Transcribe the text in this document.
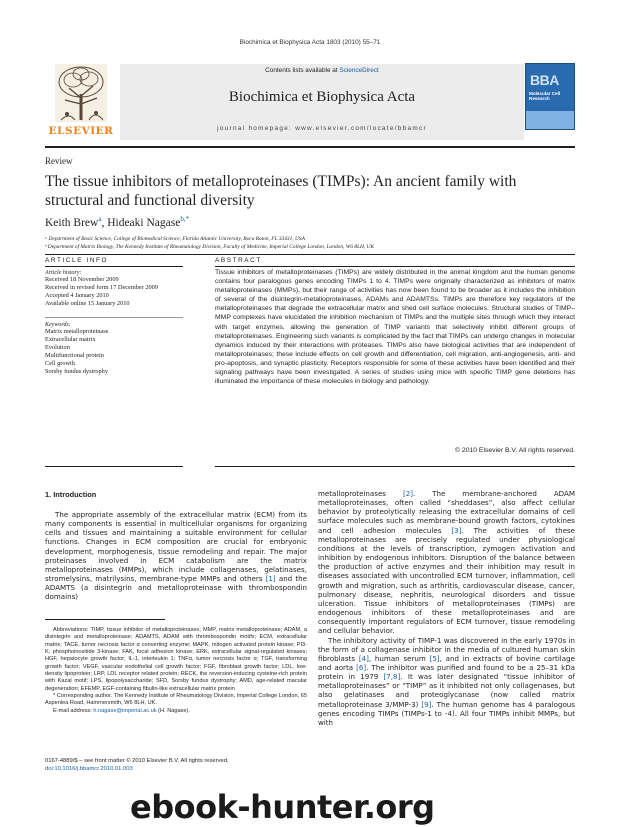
Biochimica et Biophysica Acta 1803 (2010) 55–71
ELSEVIER
Contents lists available at ScienceDirect
Biochimica et Biophysica Acta
journal homepage: www.elsevier.com/locate/bbamcr
BBA
Molecular Cell
Research
Review
The tissue inhibitors of metalloproteinases (TIMPs): An ancient family with
structural and functional diversity
Keith Brew$^a$, Hideaki Nagase$^{b,*}$
ᵃ Department of Basic Science, College of Biomedical Science, Florida Atlantic University, Boca Raton, FL 33431, USA
ᵇ Department of Matrix Biology, The Kennedy Institute of Rheumatology Division, Faculty of Medicine, Imperial College London, London, W6 8LH, UK
ARTICLE INFO	ABSTRACT
Article history:
Received 18 November 2009
Received in revised form 17 December 2009
Accepted 4 January 2010
Available online 15 January 2010
Keywords:
Matrix metalloproteinase
Extracellular matrix
Evolution
Multifunctional protein
Cell growth
Sorsby fundus dystrophy
Tissue inhibitors of metalloproteinases (TIMPs) are widely distributed in the animal kingdom and the human genome contains four paralogous genes encoding TIMPs 1 to 4. TIMPs were originally characterized as inhibitors of matrix metalloproteinases (MMPs), but their range of activities has now been found to be broader as it includes the inhibition of several of the disintegrin-metalloproteinases, ADAMs and ADAMTSs. TIMPs are therefore key regulators of the metalloproteinases that degrade the extracellular matrix and shed cell surface molecules. Structural studies of TIMP–MMP complexes have elucidated the inhibition mechanism of TIMPs and the multiple sites through which they interact with target enzymes, allowing the generation of TIMP variants that selectively inhibit different groups of metalloproteinases. Engineering such variants is complicated by the fact that TIMPs can undergo changes in molecular dynamics induced by their interactions with proteases. TIMPs also have biological activities that are independent of metalloproteinases; these include effects on cell growth and differentiation, cell migration, anti-angiogenesis, anti- and pro-apoptosis, and synaptic plasticity. Receptors responsible for some of these activities have been identified and their signaling pathways have been investigated. A series of studies using mice with specific TIMP gene deletions has illuminated the importance of these molecules in biology and pathology.
© 2010 Elsevier B.V. All rights reserved.
1. Introduction

The appropriate assembly of the extracellular matrix (ECM) from its many components is essential in multicellular organisms for organizing cells and tissues and maintaining a suitable environment for cellular functions. Changes in ECM composition are crucial for embryonic development, morphogenesis, tissue remodeling and repair. The major proteinases involved in ECM catabolism are the matrix metalloproteinases (MMPs), which include collagenases, gelatinases, stromelysins, matrilysins, membrane-type MMPs and others [1] and the ADAMTS (a disintegrin and metalloproteinase with thrombospondin domains)

Abbreviations: TIMP, tissue inhibitor of metalloproteinases; MMP, matrix metalloproteinase; ADAM, a disintegrin and metalloproteinase; ADAMTS, ADAM with thrombospondin motifs; ECM, extracellular matrix; TACE, tumor necrosis factor α converting enzyme; MAPK, mitogen activated protein kinase; PI3-K, phosphoinositide 3-kinase; FAK, focal adhesion kinase; ERK, extracellular signal-regulated kinases; HGF, hepatocyte growth factor; IL-1, interleukin 1; TNFα, tumor necrosis factor α; TGF, transforming growth factor; VEGF, vascular endothelial cell growth factor; FGF, fibroblast growth factor; LDL, low-density lipoprotein; LRP, LDL receptor related protein; RECK, the reversion-inducing cysteine-rich protein with Kazal motif; LPS, lipopolysaccharide; SFD, Sorsby fundus dystrophy; AMD, age-related macular degeneration; EFEMP, EGF-containing fibulin-like extracellular matrix protein

* Corresponding author. The Kennedy Institute of Rheumatology Division, Imperial College London, 65 Aspenlea Road, Hammersmith, W6 8LH, UK.

E-mail address: h.nagase@imperial.ac.uk (H. Nagase).

0167-4889/$ – see front matter © 2010 Elsevier B.V. All rights reserved.
doi:10.1016/j.bbamcr.2010.01.003

metalloproteinases [2]. The membrane-anchored ADAM metalloproteinases, often called “sheddases”, also affect cellular behavior by proteolytically releasing the extracellular domains of cell surface molecules such as membrane-bound growth factors, cytokines and cell adhesion molecules [3]. The activities of these metalloproteinases are precisely regulated under physiological conditions at the levels of transcription, zymogen activation and inhibition by endogenous inhibitors. Disruption of the balance between the production of active enzymes and their inhibition may result in diseases associated with uncontrolled ECM turnover, inflammation, cell growth and migration, such as arthritis, cardiovascular disease, cancer, pulmonary disease, nephritis, neurological disorders and tissue ulceration. Tissue inhibitors of metalloproteinases (TIMPs) are endogenous inhibitors of these metalloproteinases and are consequently important regulators of ECM turnover, tissue remodeling and cellular behavior.

The inhibitory activity of TIMP-1 was discovered in the early 1970s in the form of a collagenase inhibitor in the media of cultured human skin fibroblasts [4], human serum [5], and in extracts of bovine cartilage and aorta [6]. The inhibitor was purified and found to be a 25–31 kDa protein in 1979 [7,8]. It was later designated “tissue inhibitor of metalloproteinases” or “TIMP” as it inhibited not only collagenases, but also gelatinases and proteoglycanase (now called matrix metalloproteinase 3/MMP-3) [9]. The human genome has 4 paralogous genes encoding TIMPs (TIMPs-1 to -4). All four TIMPs inhibit MMPs, but with

ebook-hunter.org
